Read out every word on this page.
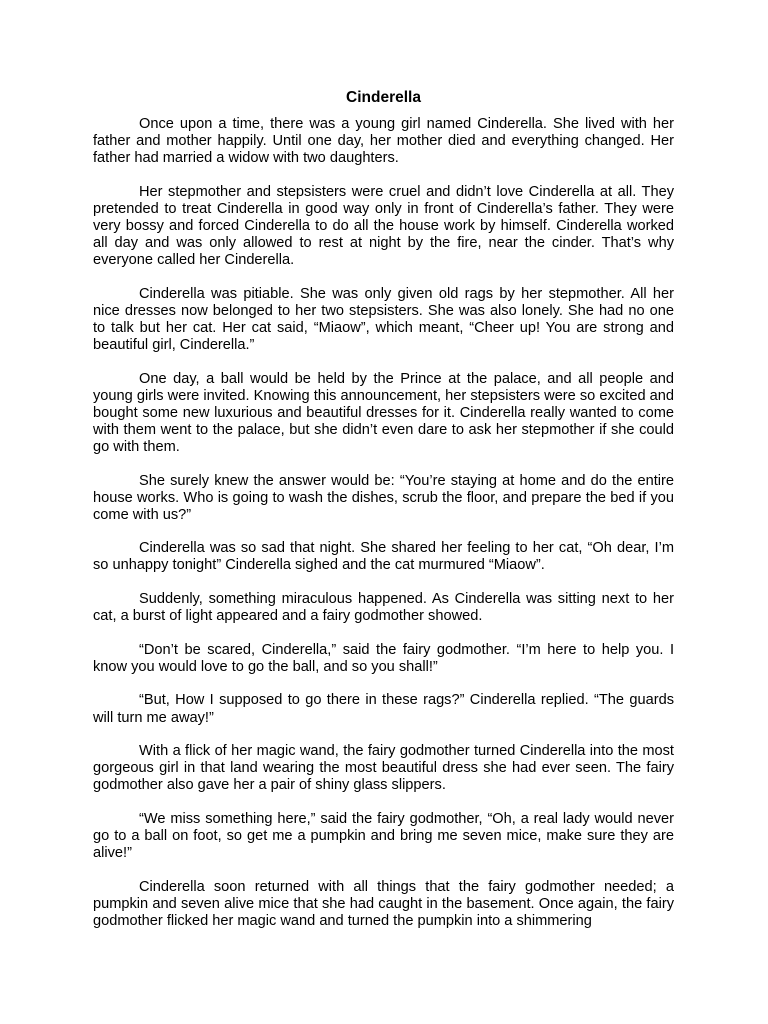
Cinderella

Once upon a time, there was a young girl named Cinderella. She lived with her father and mother happily. Until one day, her mother died and everything changed. Her father had married a widow with two daughters.

Her stepmother and stepsisters were cruel and didn’t love Cinderella at all. They pretended to treat Cinderella in good way only in front of Cinderella’s father. They were very bossy and forced Cinderella to do all the house work by himself. Cinderella worked all day and was only allowed to rest at night by the fire, near the cinder. That’s why everyone called her Cinderella.

Cinderella was pitiable. She was only given old rags by her stepmother. All her nice dresses now belonged to her two stepsisters. She was also lonely. She had no one to talk but her cat. Her cat said, “Miaow”, which meant, “Cheer up! You are strong and beautiful girl, Cinderella.”

One day, a ball would be held by the Prince at the palace, and all people and young girls were invited. Knowing this announcement, her stepsisters were so excited and bought some new luxurious and beautiful dresses for it. Cinderella really wanted to come with them went to the palace, but she didn’t even dare to ask her stepmother if she could go with them.

She surely knew the answer would be: “You’re staying at home and do the entire house works. Who is going to wash the dishes, scrub the floor, and prepare the bed if you come with us?”

Cinderella was so sad that night. She shared her feeling to her cat, “Oh dear, I’m so unhappy tonight” Cinderella sighed and the cat murmured “Miaow”.

Suddenly, something miraculous happened. As Cinderella was sitting next to her cat, a burst of light appeared and a fairy godmother showed.

“Don’t be scared, Cinderella,” said the fairy godmother. “I’m here to help you. I know you would love to go the ball, and so you shall!”

“But, How I supposed to go there in these rags?” Cinderella replied. “The guards will turn me away!”

With a flick of her magic wand, the fairy godmother turned Cinderella into the most gorgeous girl in that land wearing the most beautiful dress she had ever seen. The fairy godmother also gave her a pair of shiny glass slippers.

“We miss something here,” said the fairy godmother, “Oh, a real lady would never go to a ball on foot, so get me a pumpkin and bring me seven mice, make sure they are alive!”

Cinderella soon returned with all things that the fairy godmother needed; a pumpkin and seven alive mice that she had caught in the basement. Once again, the fairy godmother flicked her magic wand and turned the pumpkin into a shimmering
